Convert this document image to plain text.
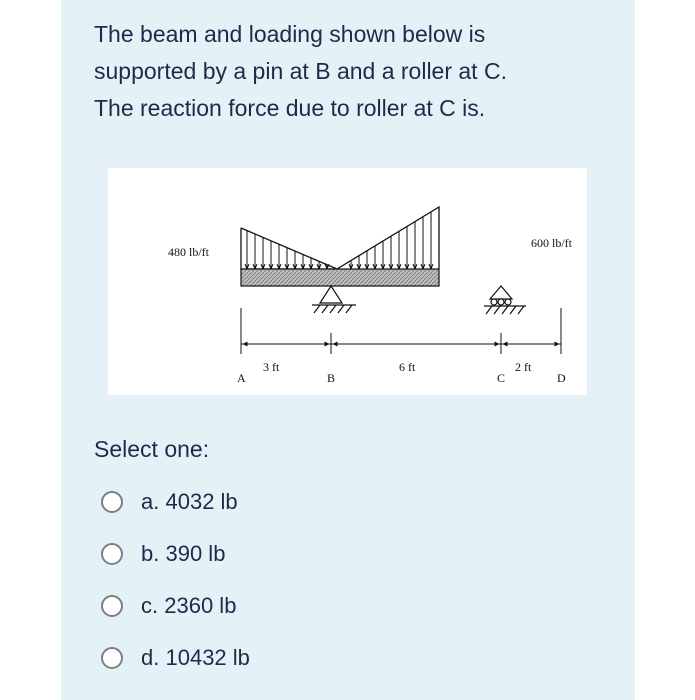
The beam and loading shown below is
supported by a pin at B and a roller at C.
The reaction force due to roller at C is.

480 lb/ft
600 lb/ft
3 ft	6 ft	2 ft
A	B	C	D
Select one:
a. 4032 lb
b. 390 lb
c. 2360 lb
d. 10432 lb
